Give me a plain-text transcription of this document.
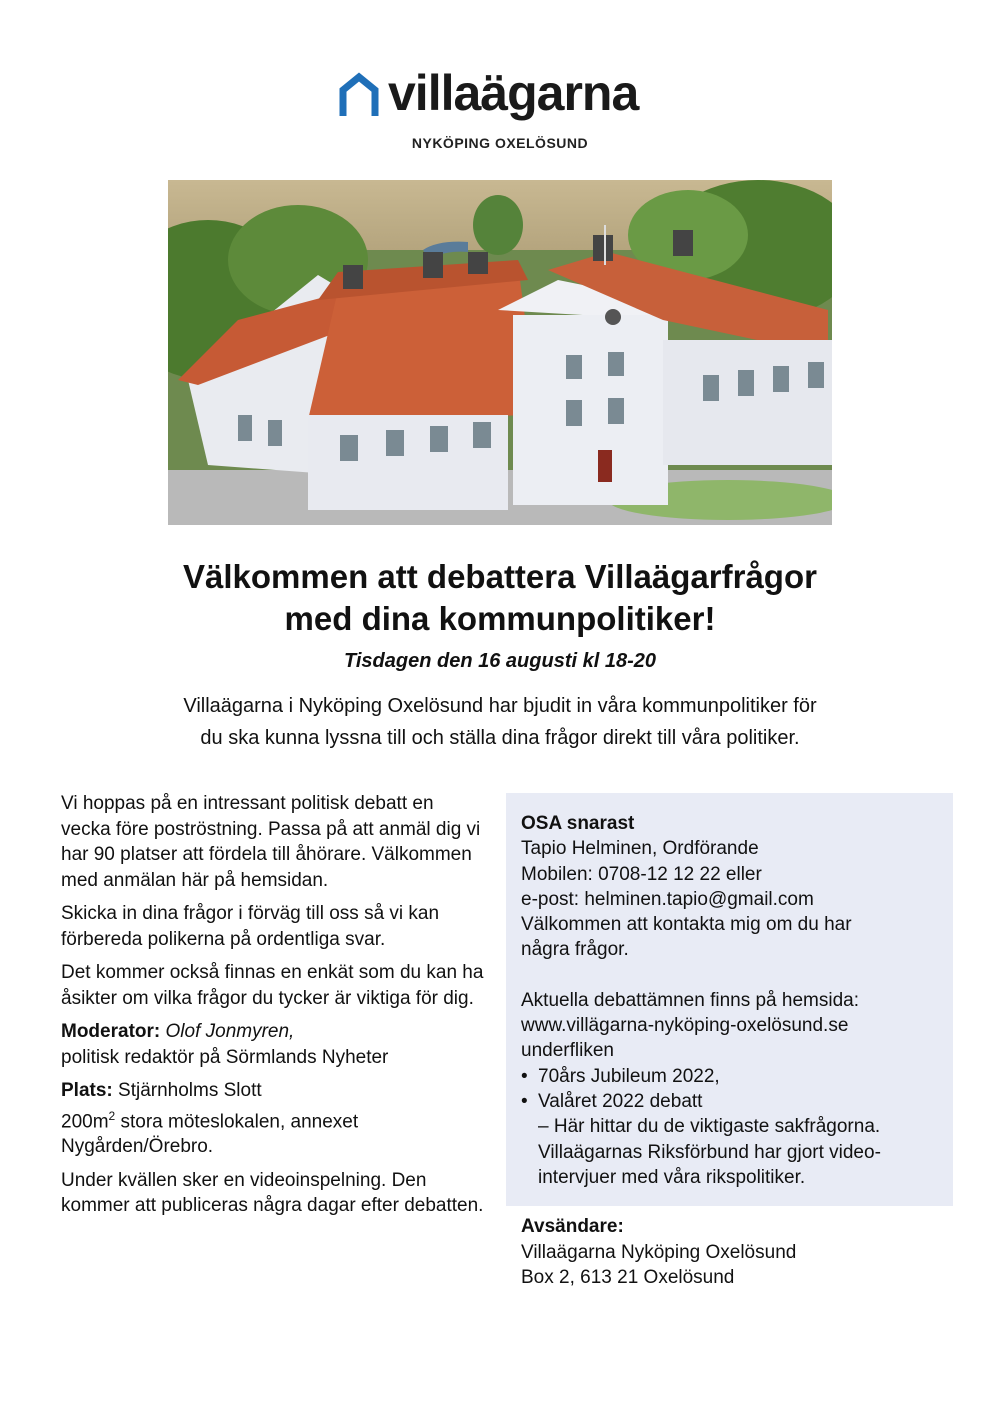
villaägarna
NYKÖPING OXELÖSUND
Välkommen att debattera Villaägarfrågor
med dina kommunpolitiker!
Tisdagen den 16 augusti kl 18-20
Villaägarna i Nyköping Oxelösund har bjudit in våra kommunpolitiker för
du ska kunna lyssna till och ställa dina frågor direkt till våra politiker.

Vi hoppas på en intressant politisk debatt en vecka före poströstning. Passa på att anmäl dig vi har 90 platser att fördela till åhörare. Välkommen med anmälan här på hemsidan.

Skicka in dina frågor i förväg till oss så vi kan förbereda polikerna på ordentliga svar.

Det kommer också finnas en enkät som du kan ha åsikter om vilka frågor du tycker är viktiga för dig.

Moderator: Olof Jonmyren,
politisk redaktör på Sörmlands Nyheter

Plats: Stjärnholms Slott
$200m^2$ stora möteslokalen, annexet
Nygården/Örebro.

Under kvällen sker en videoinspelning. Den kommer att publiceras några dagar efter debatten.

OSA snarast

Tapio Helminen, Ordförande

Mobilen: 0708-12 12 22 eller

e-post: helminen.tapio@gmail.com

Välkommen att kontakta mig om du har

några frågor.

Aktuella debattämnen finns på hemsida:

www.villägarna-nyköping-oxelösund.se

underfliken

• 70års Jubileum 2022,
• Valåret 2022 debatt

– Här hittar du de viktigaste sakfrågorna.

Villaägarnas Riksförbund har gjort video-

intervjuer med våra rikspolitiker.

Avsändare:

Villaägarna Nyköping Oxelösund

Box 2, 613 21 Oxelösund
